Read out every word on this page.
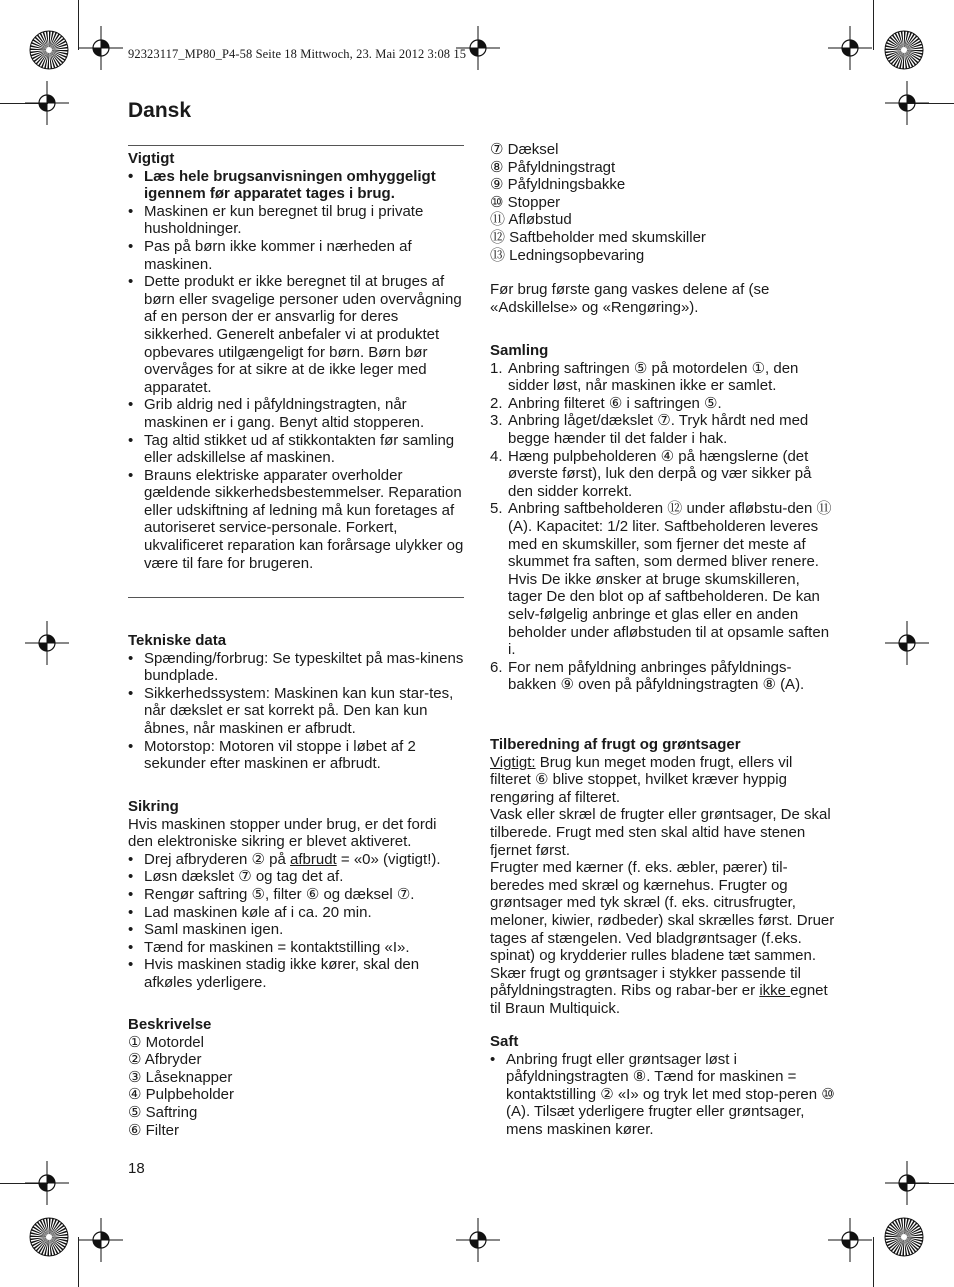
92323117_MP80_P4-58 Seite 18 Mittwoch, 23. Mai 2012 3:08 15
Dansk
Vigtigt
• Læs hele brugsanvisningen omhyggeligt igennem før apparatet tages i brug.
• Maskinen er kun beregnet til brug i private husholdninger.
• Pas på børn ikke kommer i nærheden af maskinen.
• Dette produkt er ikke beregnet til at bruges af børn eller svagelige personer uden overvågning af en person der er ansvarlig for deres sikkerhed. Generelt anbefaler vi at produktet opbevares utilgængeligt for børn. Børn bør overvåges for at sikre at de ikke leger med apparatet.
• Grib aldrig ned i påfyldningstragten, når maskinen er i gang. Benyt altid stopperen.
• Tag altid stikket ud af stikkontakten før samling eller adskillelse af maskinen.
• Brauns elektriske apparater overholder gældende sikkerhedsbestemmelser. Reparation eller udskiftning af ledning må kun foretages af autoriseret service-personale. Forkert, ukvalificeret reparation kan forårsage ulykker og være til fare for brugeren.
Tekniske data
• Spænding/forbrug: Se typeskiltet på mas-kinens bundplade.
• Sikkerhedssystem: Maskinen kan kun star-tes, når dækslet er sat korrekt på. Den kan kun åbnes, når maskinen er afbrudt.
• Motorstop: Motoren vil stoppe i løbet af 2 sekunder efter maskinen er afbrudt.
Sikring

Hvis maskinen stopper under brug, er det fordi den elektroniske sikring er blevet aktiveret.

• Drej afbryderen ② på afbrudt = «0» (vigtigt!).
• Løsn dækslet ⑦ og tag det af.
• Rengør saftring ⑤, filter ⑥ og dæksel ⑦.
• Lad maskinen køle af i ca. 20 min.
• Saml maskinen igen.
• Tænd for maskinen = kontaktstilling «I».
• Hvis maskinen stadig ikke kører, skal den afkøles yderligere.
Beskrivelse
① Motordel
② Afbryder
③ Låseknapper
④ Pulpbeholder
⑤ Saftring
⑥ Filter
18
⑦ Dæksel
⑧ Påfyldningstragt
⑨ Påfyldningsbakke
⑩ Stopper
⑪ Afløbstud
⑫ Saftbeholder med skumskiller
⑬ Ledningsopbevaring

Før brug første gang vaskes delene af (se «Adskillelse» og «Rengøring»).

Samling
1. Anbring saftringen ⑤ på motordelen ①, den sidder løst, når maskinen ikke er samlet.
2. Anbring filteret ⑥ i saftringen ⑤.
3. Anbring låget/dækslet ⑦. Tryk hårdt ned med begge hænder til det falder i hak.
4. Hæng pulpbeholderen ④ på hængslerne (det øverste først), luk den derpå og vær sikker på den sidder korrekt.
5. Anbring saftbeholderen ⑫ under afløbstu-den ⑪ (A). Kapacitet: 1/2 liter. Saftbeholderen leveres med en skumskiller, som fjerner det meste af skummet fra saften, som dermed bliver renere. Hvis De ikke ønsker at bruge skumskilleren, tager De den blot op af saftbeholderen. De kan selv-følgelig anbringe et glas eller en anden beholder under afløbstuden til at opsamle saften i.
6. For nem påfyldning anbringes påfyldnings-bakken ⑨ oven på påfyldningstragten ⑧ (A).
Tilberedning af frugt og grøntsager

Vigtigt: Brug kun meget moden frugt, ellers vil filteret ⑥ blive stoppet, hvilket kræver hyppig rengøring af filteret.

Vask eller skræl de frugter eller grøntsager, De skal tilberede. Frugt med sten skal altid have stenen fjernet først.

Frugter med kærner (f. eks. æbler, pærer) til-beredes med skræl og kærnehus. Frugter og grøntsager med tyk skræl (f. eks. citrusfrugter, meloner, kiwier, rødbeder) skal skrælles først. Druer tages af stængelen. Ved bladgrøntsager (f.eks. spinat) og krydderier rulles bladene tæt sammen. Skær frugt og grøntsager i stykker passende til påfyldningstragten. Ribs og rabar-ber er ikke egnet til Braun Multiquick.

Saft
• Anbring frugt eller grøntsager løst i påfyldningstragten ⑧. Tænd for maskinen = kontaktstilling ② «I» og tryk let med stop-peren ⑩ (A). Tilsæt yderligere frugter eller grøntsager, mens maskinen kører.
